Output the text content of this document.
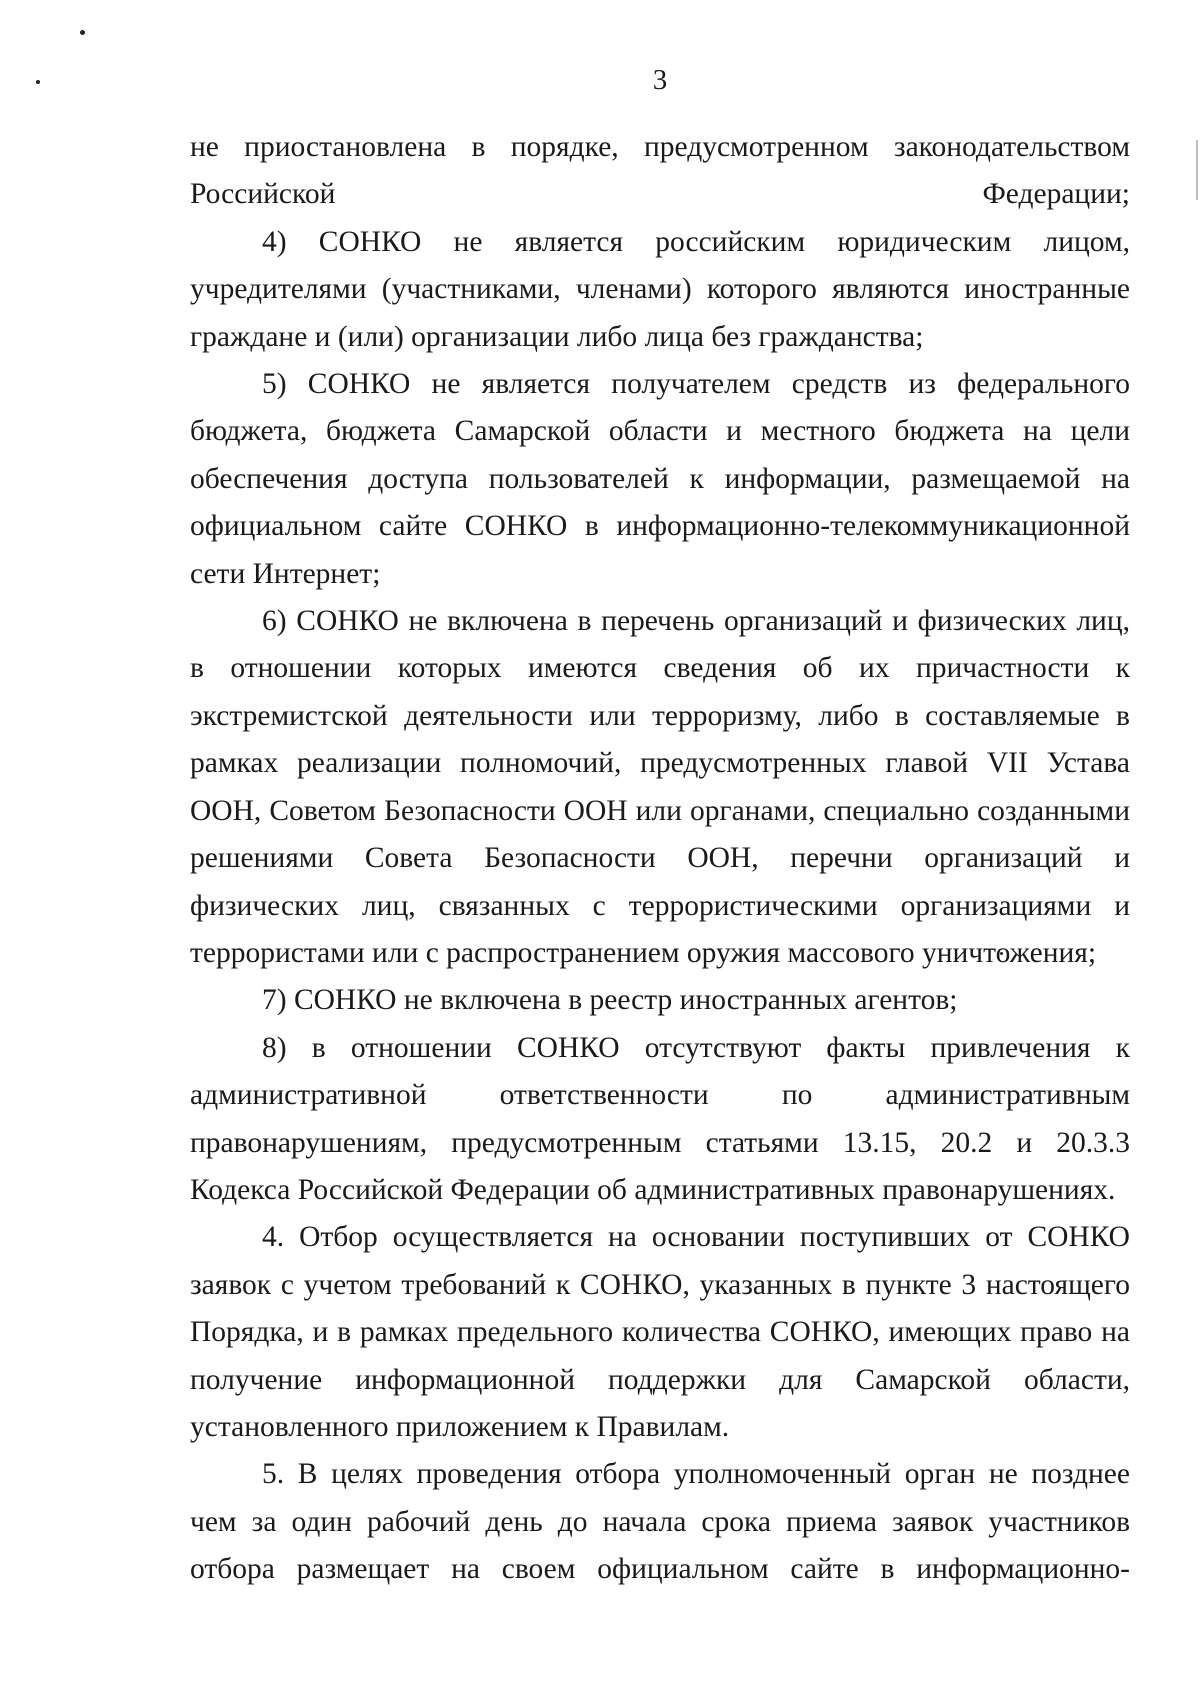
3

не приостановлена в порядке, предусмотренном законодательством Российской Федерации;

4) СОНКО не является российским юридическим лицом, учредителями (участниками, членами) которого являются иностранные граждане и (или) организации либо лица без гражданства;

5) СОНКО не является получателем средств из федерального бюджета, бюджета Самарской области и местного бюджета на цели обеспечения доступа пользователей к информации, размещаемой на официальном сайте СОНКО в информационно-телекоммуникационной сети Интернет;

6) СОНКО не включена в перечень организаций и физических лиц, в отношении которых имеются сведения об их причастности к экстремистской деятельности или терроризму, либо в составляемые в рамках реализации полномочий, предусмотренных главой VII Устава ООН, Советом Безопасности ООН или органами, специально созданными решениями Совета Безопасности ООН, перечни организаций и физических лиц, связанных с террористическими организациями и террористами или с распространением оружия массового уничтожения;

7) СОНКО не включена в реестр иностранных агентов;

8) в отношении СОНКО отсутствуют факты привлечения к административной ответственности по административным правонарушениям, предусмотренным статьями 13.15, 20.2 и 20.3.3 Кодекса Российской Федерации об административных правонарушениях.

4. Отбор осуществляется на основании поступивших от СОНКО заявок с учетом требований к СОНКО, указанных в пункте 3 настоящего Порядка, и в рамках предельного количества СОНКО, имеющих право на получение информационной поддержки для Самарской области, установленного приложением к Правилам.

5. В целях проведения отбора уполномоченный орган не позднее чем за один рабочий день до начала срока приема заявок участников отбора размещает на своем официальном сайте в информационно-
